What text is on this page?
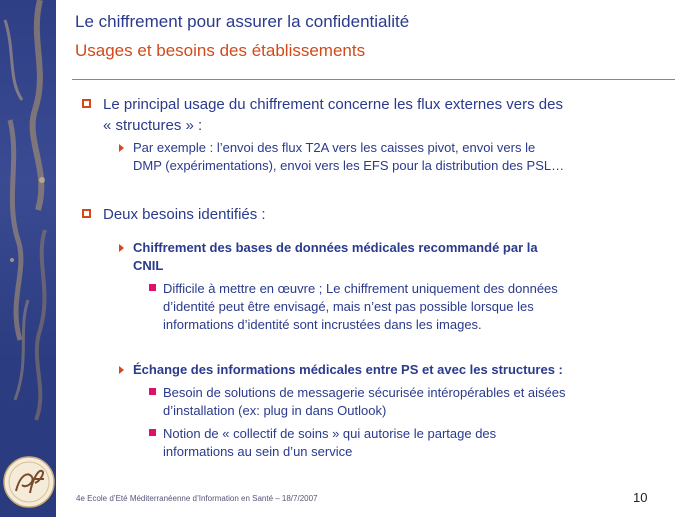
Le chiffrement pour assurer la confidentialité
Usages et besoins des établissements
Le principal usage du chiffrement concerne les flux externes vers des
« structures » :
Par exemple : l’envoi des flux T2A vers les caisses pivot, envoi vers le
DMP (expérimentations), envoi vers les EFS pour la distribution des PSL…
Deux besoins identifiés :
Chiffrement des bases de données médicales recommandé par la
CNIL
Difficile à mettre en œuvre ; Le chiffrement uniquement des données
d’identité peut être envisagé, mais n’est pas possible lorsque les
informations d’identité sont incrustées dans les images.
Échange des informations médicales entre PS et avec les structures :
Besoin de solutions de messagerie sécurisée intéropérables et aisées
d’installation (ex: plug in dans Outlook)
Notion de « collectif de soins » qui autorise le partage des
informations au sein d’un service
4e Ecole d’Eté Méditerranéenne d’Information en Santé – 18/7/2007	10
